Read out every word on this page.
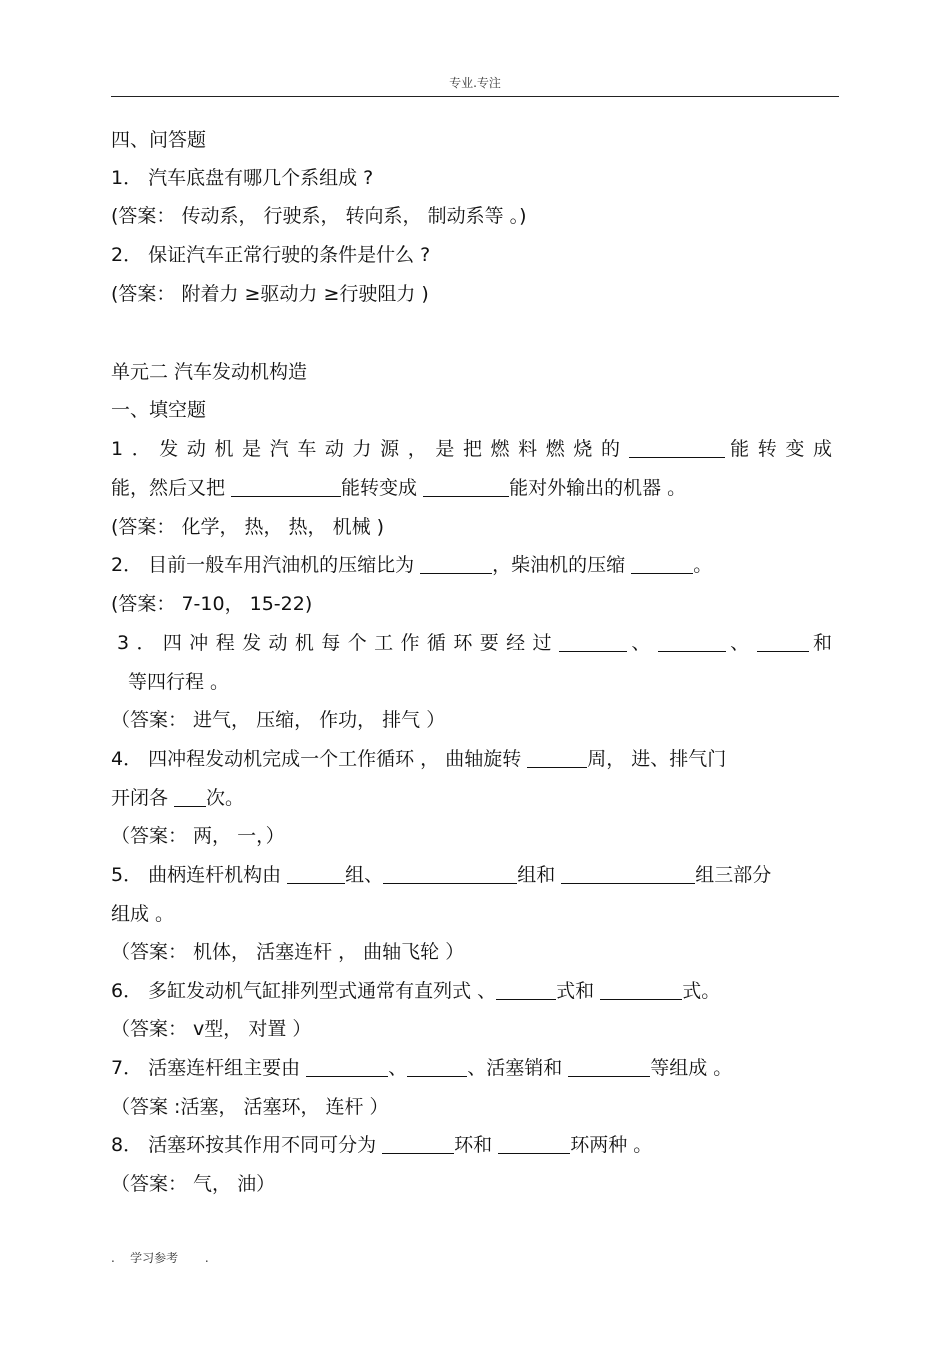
专业.专注
四、问答题
1． 汽车底盘有哪几个系组成 ?
(答案： 传动系， 行驶系， 转向系， 制动系等 。)
2． 保证汽车正常行驶的条件是什么 ?
(答案： 附着力 ≥驱动力 ≥行驶阻力 )
单元二 汽车发动机构造
一、填空题
1．发动机是汽车动力源，是把燃料燃烧的	能转变成
能，然后又把	能转变成	能对外输出的机器 。
(答案： 化学， 热， 热， 机械 )
2． 目前一般车用汽油机的压缩比为	，柴油机的压缩	。
(答案： 7-10， 15-22)
3．四冲程发动机每个工作循环要经过	、	、	和
等四行程 。
（答案： 进气， 压缩， 作功， 排气 ）
4． 四冲程发动机完成一个工作循环 ， 曲轴旋转	周， 进、排气门
开闭各 次。
（答案： 两， 一，）
5． 曲柄连杆机构由	组、	组和	组三部分
组成 。
（答案： 机体， 活塞连杆 ， 曲轴飞轮 ）
6． 多缸发动机气缸排列型式通常有直列式 、	式和	式。
（答案： v型， 对置 ）
7． 活塞连杆组主要由	、	、活塞销和	等组成 。
（答案 :活塞， 活塞环， 连杆 ）
8． 活塞环按其作用不同可分为	环和	环两种 。
（答案： 气， 油）
. 学习参考 .
